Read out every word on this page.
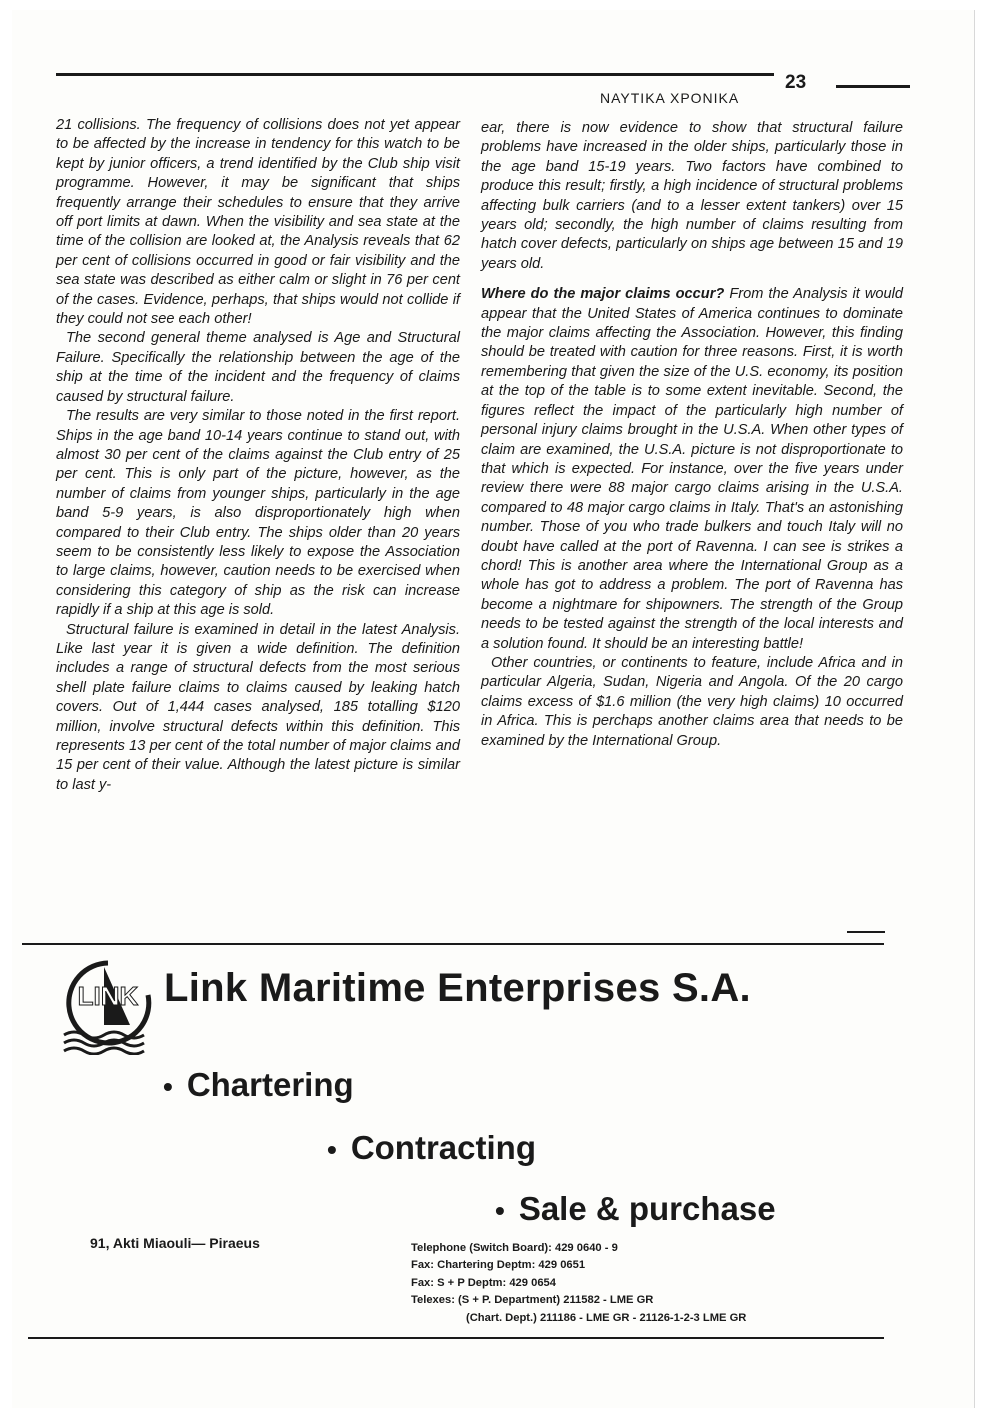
ΝΑΥΤΙΚΑ ΧΡΟΝΙΚΑ
23

21 collisions. The frequency of collisions does not yet appear to be affected by the increase in tendency for this watch to be kept by junior officers, a trend identified by the Club ship visit programme. However, it may be significant that ships frequently arrange their schedules to ensure that they arrive off port limits at dawn. When the visibility and sea state at the time of the collision are looked at, the Analysis reveals that 62 per cent of collisions occurred in good or fair visibility and the sea state was described as either calm or slight in 76 per cent of the cases. Evidence, perhaps, that ships would not collide if they could not see each other!

The second general theme analysed is Age and Structural Failure. Specifically the relationship between the age of the ship at the time of the incident and the frequency of claims caused by structural failure.

The results are very similar to those noted in the first report. Ships in the age band 10-14 years continue to stand out, with almost 30 per cent of the claims against the Club entry of 25 per cent. This is only part of the picture, however, as the number of claims from younger ships, particularly in the age band 5-9 years, is also disproportionately high when compared to their Club entry. The ships older than 20 years seem to be consistently less likely to expose the Association to large claims, however, caution needs to be exercised when considering this category of ship as the risk can increase rapidly if a ship at this age is sold.

Structural failure is examined in detail in the latest Analysis. Like last year it is given a wide definition. The definition includes a range of structural defects from the most serious shell plate failure claims to claims caused by leaking hatch covers. Out of 1,444 cases analysed, 185 totalling $120 million, involve structural defects within this definition. This represents 13 per cent of the total number of major claims and 15 per cent of their value. Although the latest picture is similar to last y-

ear, there is now evidence to show that structural failure problems have increased in the older ships, particularly those in the age band 15-19 years. Two factors have combined to produce this result; firstly, a high incidence of structural problems affecting bulk carriers (and to a lesser extent tankers) over 15 years old; secondly, the high number of claims resulting from hatch cover defects, particularly on ships age between 15 and 19 years old.

Where do the major claims occur? From the Analysis it would appear that the United States of America continues to dominate the major claims affecting the Association. However, this finding should be treated with caution for three reasons. First, it is worth remembering that given the size of the U.S. economy, its position at the top of the table is to some extent inevitable. Second, the figures reflect the impact of the particularly high number of personal injury claims brought in the U.S.A. When other types of claim are examined, the U.S.A. picture is not disproportionate to that which is expected. For instance, over the five years under review there were 88 major cargo claims arising in the U.S.A. compared to 48 major cargo claims in Italy. That's an astonishing number. Those of you who trade bulkers and touch Italy will no doubt have called at the port of Ravenna. I can see is strikes a chord! This is another area where the International Group as a whole has got to address a problem. The port of Ravenna has become a nightmare for shipowners. The strength of the Group needs to be tested against the strength of the local interests and a solution found. It should be an interesting battle!

Other countries, or continents to feature, include Africa and in particular Algeria, Sudan, Nigeria and Angola. Of the 20 cargo claims excess of $1.6 million (the very high claims) 10 occurred in Africa. This is perchaps another claims area that needs to be examined by the International Group.

LINK Link Maritime Enterprises S.A.
• Chartering
• Contracting
• Sale & purchase
91, Akti Miaouli— Piraeus	Telephone (Switch Board): 429 0640 - 9
Fax: Chartering Deptm: 429 0651
Fax: S + P Deptm: 429 0654
Telexes: (S + P. Department) 211582 - LME GR
(Chart. Dept.) 211186 - LME GR - 21126-1-2-3 LME GR
